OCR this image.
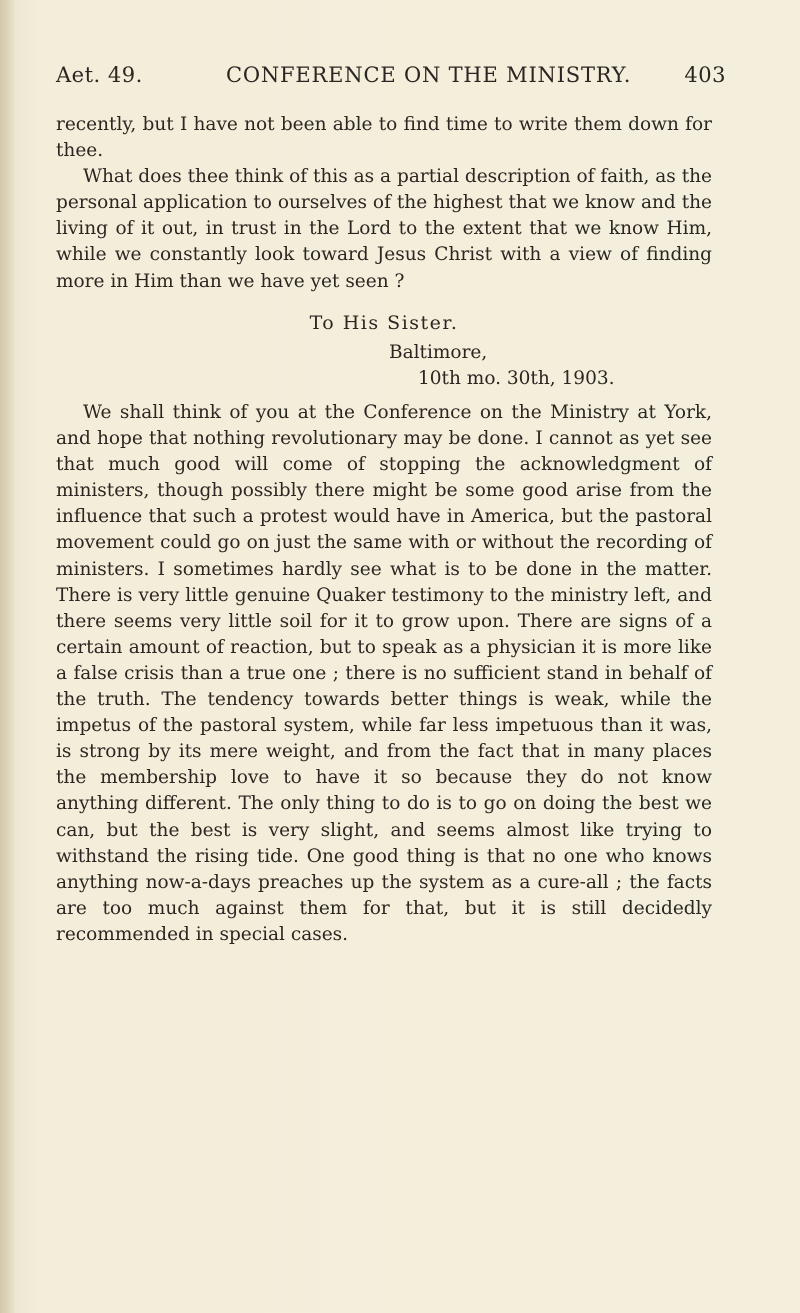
Aet. 49.	CONFERENCE ON THE MINISTRY.	403

recently, but I have not been able to find time to write them down for thee.

What does thee think of this as a partial description of faith, as the personal application to ourselves of the highest that we know and the living of it out, in trust in the Lord to the extent that we know Him, while we constantly look toward Jesus Christ with a view of finding more in Him than we have yet seen ?

To His Sister.

Baltimore,

10th mo. 30th, 1903.

We shall think of you at the Conference on the Ministry at York, and hope that nothing revolutionary may be done. I cannot as yet see that much good will come of stopping the acknowledgment of ministers, though possibly there might be some good arise from the influence that such a protest would have in America, but the pastoral movement could go on just the same with or without the recording of ministers. I sometimes hardly see what is to be done in the matter. There is very little genuine Quaker testimony to the ministry left, and there seems very little soil for it to grow upon. There are signs of a certain amount of reaction, but to speak as a physician it is more like a false crisis than a true one ; there is no sufficient stand in behalf of the truth. The tendency towards better things is weak, while the impetus of the pastoral system, while far less impetuous than it was, is strong by its mere weight, and from the fact that in many places the membership love to have it so because they do not know anything different. The only thing to do is to go on doing the best we can, but the best is very slight, and seems almost like trying to withstand the rising tide. One good thing is that no one who knows anything now-a-days preaches up the system as a cure-all ; the facts are too much against them for that, but it is still decidedly recommended in special cases.
